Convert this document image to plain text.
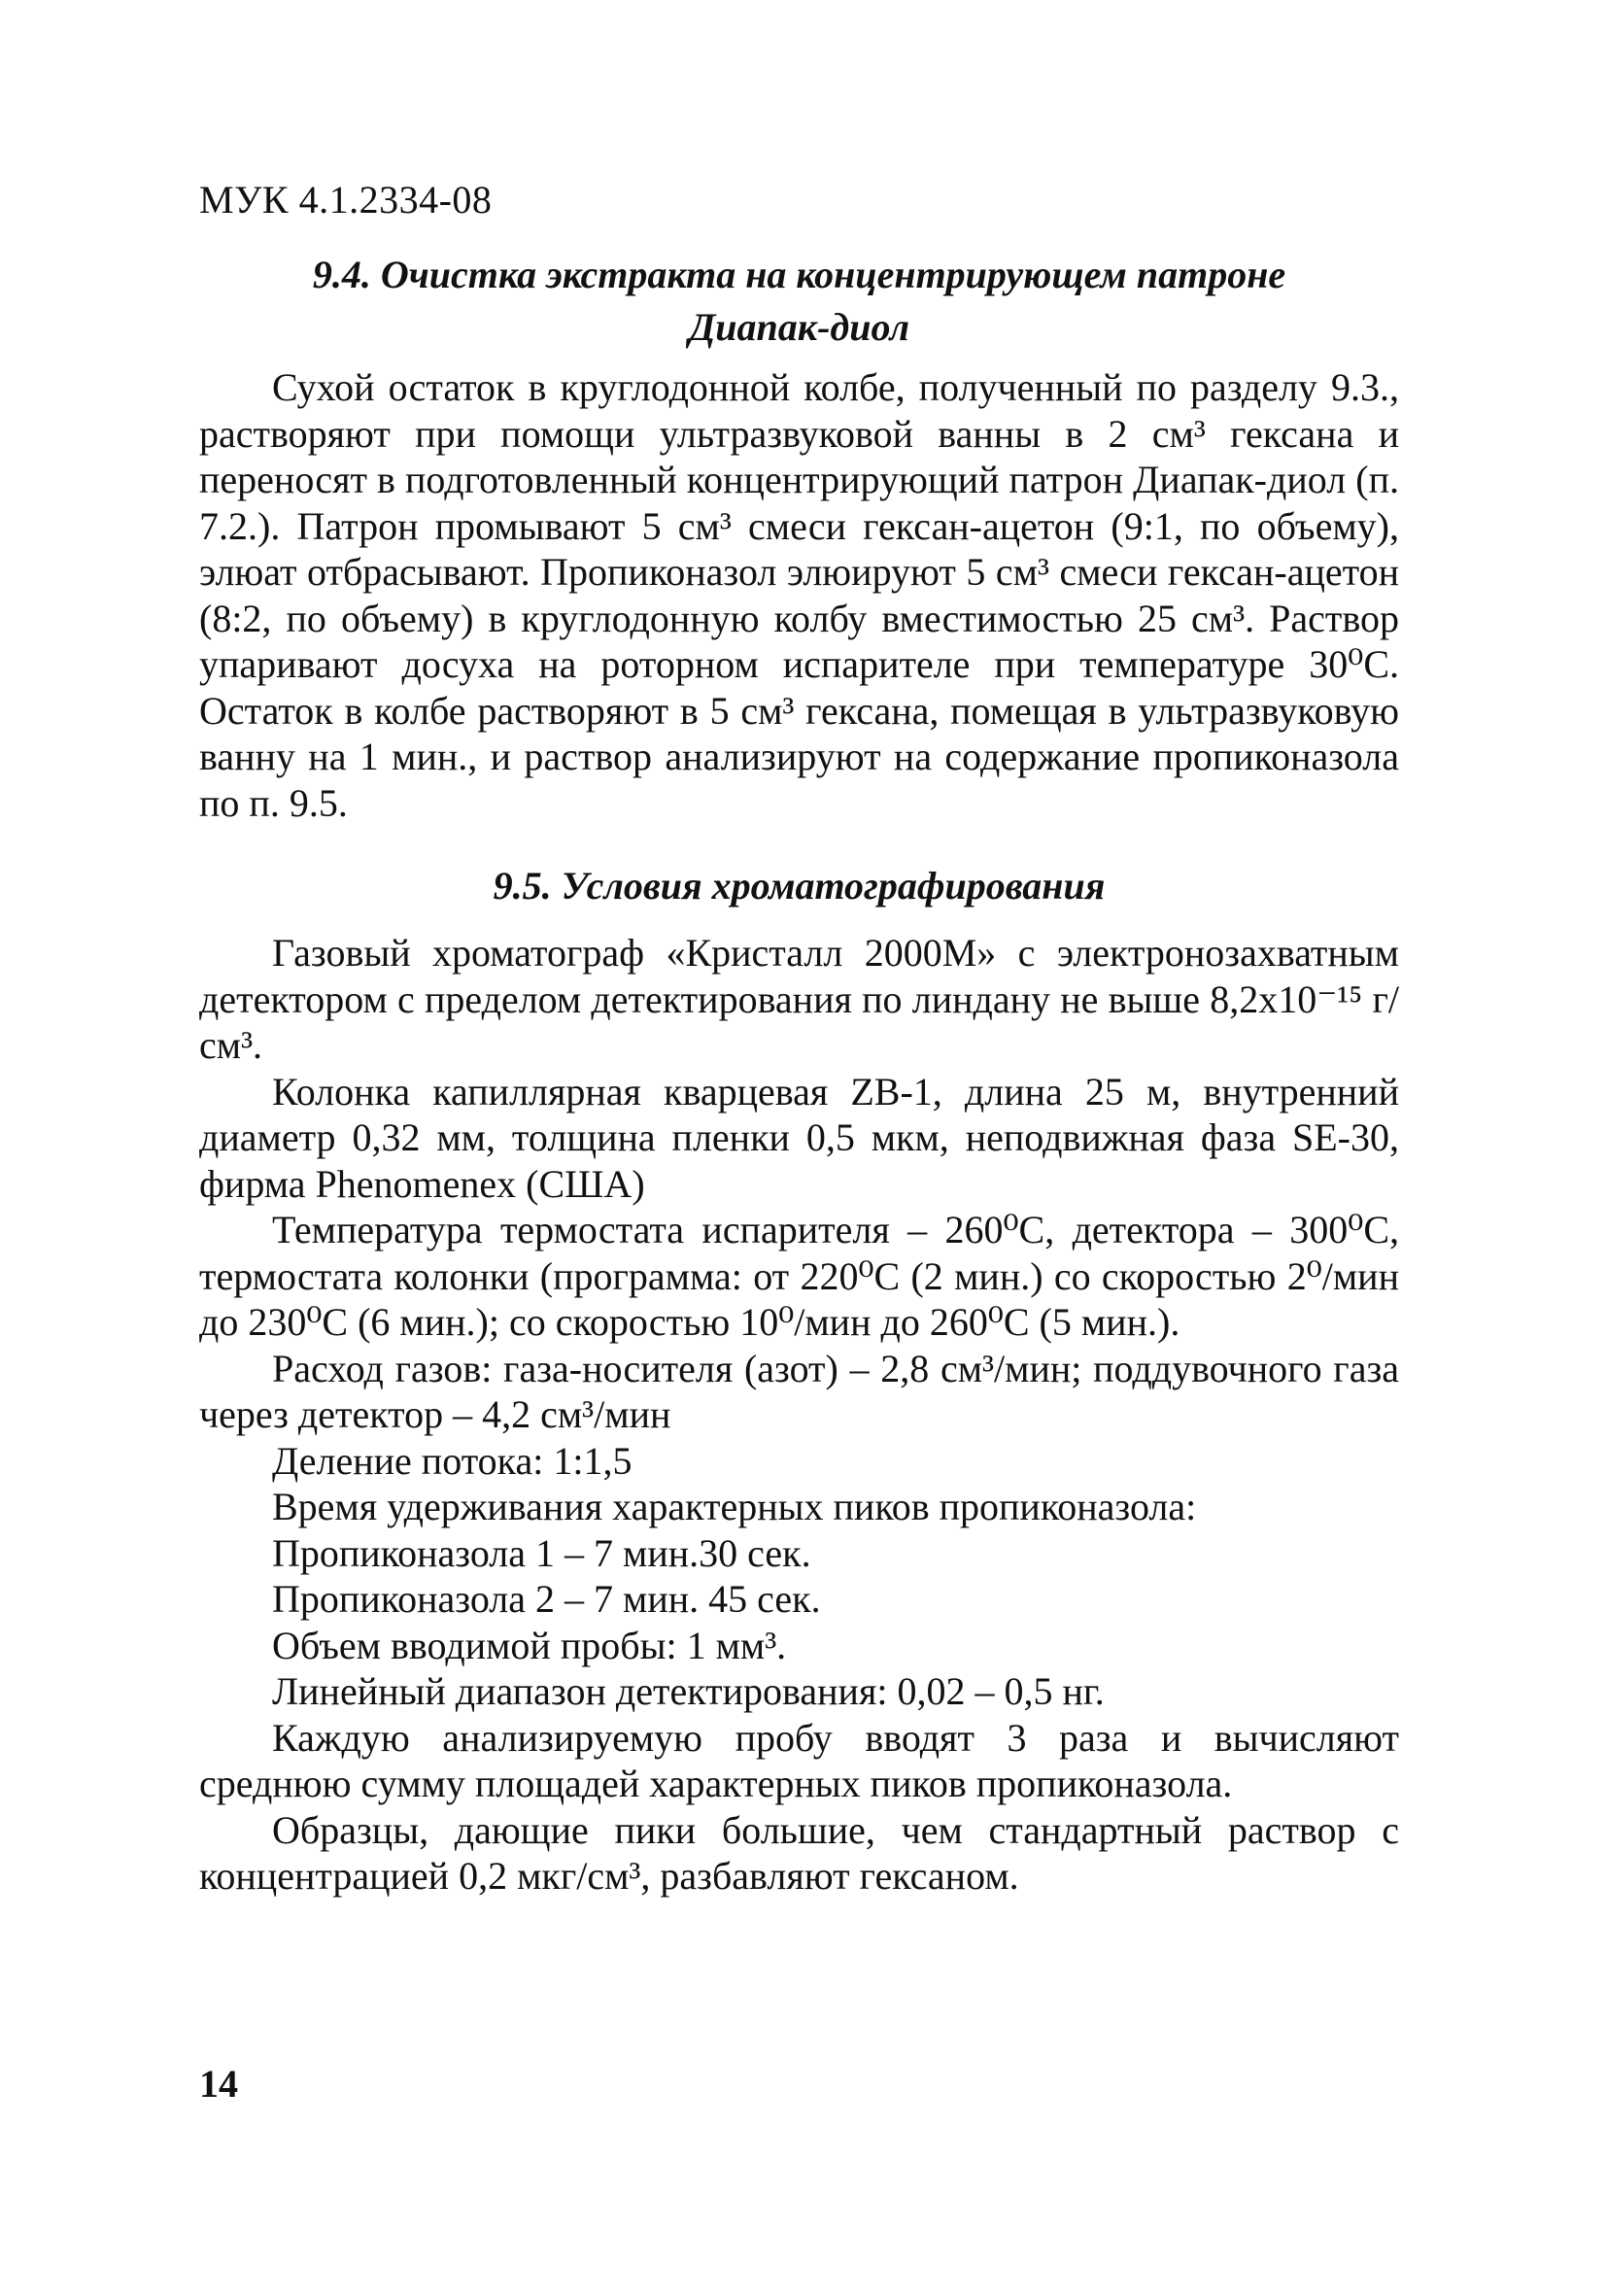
МУК 4.1.2334-08
9.4. Очистка экстракта на концентрирующем патроне
Диапак-диол

Сухой остаток в круглодонной колбе, полученный по разделу 9.3., растворяют при помощи ультразвуковой ванны в 2 см³ гексана и переносят в подготовленный концентрирующий патрон Диапак-диол (п. 7.2.). Патрон промывают 5 см³ смеси гексан-ацетон (9:1, по объему), элюат отбрасывают. Пропиконазол элюируют 5 см³ смеси гексан-ацетон (8:2, по объему) в круглодонную колбу вместимостью 25 см³. Раствор упаривают досуха на роторном испарителе при температуре 30⁰С. Остаток в колбе растворяют в 5 см³ гексана, помещая в ультразвуковую ванну на 1 мин., и раствор анализируют на содержание пропиконазола по п. 9.5.

9.5. Условия хроматографирования

Газовый хроматограф «Кристалл 2000М» с электронозахватным детектором с пределом детектирования по линдану не выше 8,2x10⁻¹⁵ г/см³.

Колонка капиллярная кварцевая ZB-1, длина 25 м, внутренний диаметр 0,32 мм, толщина пленки 0,5 мкм, неподвижная фаза SE-30, фирма Phenomenex (США)

Температура термостата испарителя – 260⁰С, детектора – 300⁰С, термостата колонки (программа: от 220⁰С (2 мин.) со скоростью 2⁰/мин до 230⁰С (6 мин.); со скоростью 10⁰/мин до 260⁰С (5 мин.).

Расход газов: газа-носителя (азот) – 2,8 см³/мин; поддувочного газа через детектор – 4,2 см³/мин

Деление потока: 1:1,5

Время удерживания характерных пиков пропиконазола:

Пропиконазола 1 – 7 мин.30 сек.

Пропиконазола 2 – 7 мин. 45 сек.

Объем вводимой пробы: 1 мм³.

Линейный диапазон детектирования: 0,02 – 0,5 нг.

Каждую анализируемую пробу вводят 3 раза и вычисляют среднюю сумму площадей характерных пиков пропиконазола.

Образцы, дающие пики большие, чем стандартный раствор с концентрацией 0,2 мкг/см³, разбавляют гексаном.

14
